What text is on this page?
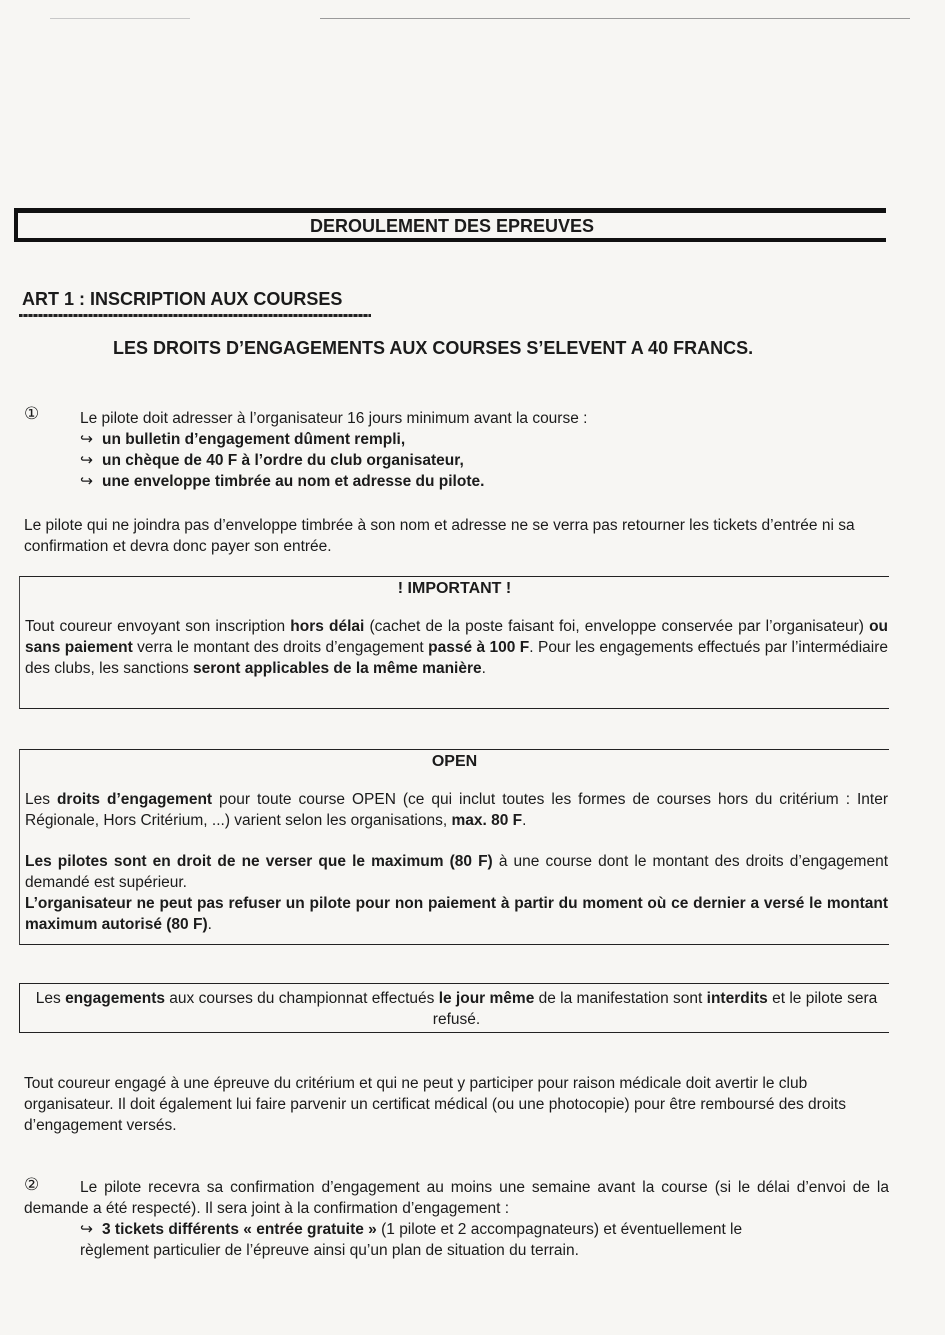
DEROULEMENT DES EPREUVES
ART 1 : INSCRIPTION AUX COURSES
LES DROITS D’ENGAGEMENTS AUX COURSES S’ELEVENT A 40 FRANCS.
①	Le pilote doit adresser à l’organisateur 16 jours minimum avant la course :

↪ un bulletin d’engagement dûment rempli,

↪ un chèque de 40 F à l’ordre du club organisateur,

↪ une enveloppe timbrée au nom et adresse du pilote.

Le pilote qui ne joindra pas d’enveloppe timbrée à son nom et adresse ne se verra pas retourner les tickets d’entrée ni sa confirmation et devra donc payer son entrée.
! IMPORTANT !

Tout coureur envoyant son inscription hors délai (cachet de la poste faisant foi, enveloppe conservée par l’organisateur) ou sans paiement verra le montant des droits d’engagement passé à 100 F. Pour les engagements effectués par l’intermédiaire des clubs, les sanctions seront applicables de la même manière.

OPEN

Les droits d’engagement pour toute course OPEN (ce qui inclut toutes les formes de courses hors du critérium : Inter Régionale, Hors Critérium, ...) varient selon les organisations, max. 80 F.

Les pilotes sont en droit de ne verser que le maximum (80 F) à une course dont le montant des droits d’engagement demandé est supérieur.

L’organisateur ne peut pas refuser un pilote pour non paiement à partir du moment où ce dernier a versé le montant maximum autorisé (80 F).

Les engagements aux courses du championnat effectués le jour même de la manifestation sont interdits et le pilote sera refusé.

Tout coureur engagé à une épreuve du critérium et qui ne peut y participer pour raison médicale doit avertir le club organisateur. Il doit également lui faire parvenir un certificat médical (ou une photocopie) pour être remboursé des droits d’engagement versés.
②	Le pilote recevra sa confirmation d’engagement au moins une semaine avant la course (si le délai d’envoi de la demande a été respecté). Il sera joint à la confirmation d’engagement :
↪ 3 tickets différents « entrée gratuite » (1 pilote et 2 accompagnateurs) et éventuellement le règlement particulier de l’épreuve ainsi qu’un plan de situation du terrain.
